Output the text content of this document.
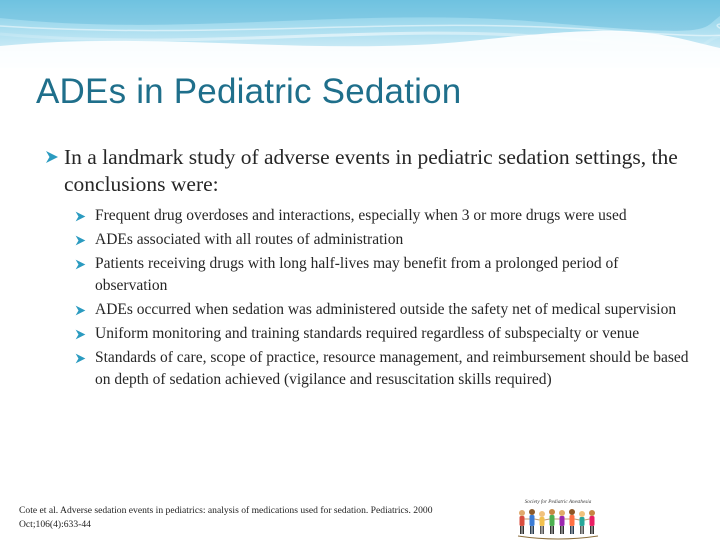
ADEs in Pediatric Sedation
In a landmark study of adverse events in pediatric sedation settings, the conclusions were:
Frequent drug overdoses and interactions, especially when 3 or more drugs were used
ADEs associated with all routes of administration
Patients receiving drugs with long half-lives may benefit from a prolonged period of observation
ADEs occurred when sedation was administered outside the safety net of medical supervision
Uniform monitoring and training standards required regardless of subspecialty or venue
Standards of care, scope of practice, resource management, and reimbursement should be based on depth of sedation achieved (vigilance and resuscitation skills required)
Cote et al. Adverse sedation events in pediatrics: analysis of medications used for sedation. Pediatrics. 2000
Oct;106(4):633-44
Society for Pediatric Anesthesia
